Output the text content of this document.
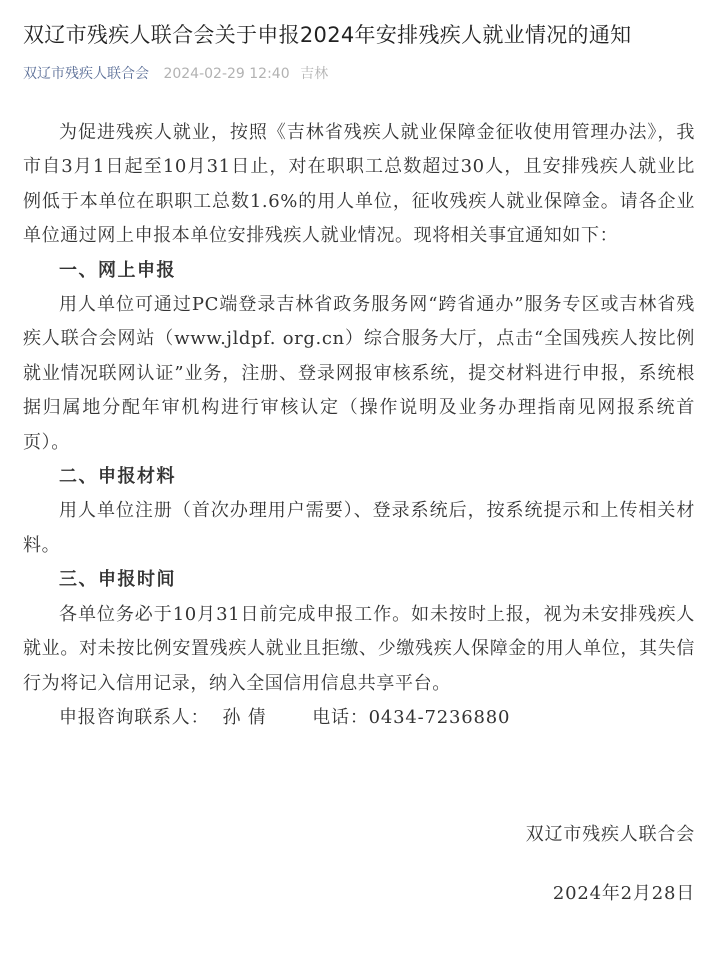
双辽市残疾人联合会关于申报2024年安排残疾人就业情况的通知
双辽市残疾人联合会 2024-02-29 12:40 吉林

为促进残疾人就业，按照《吉林省残疾人就业保障金征收使用管理办法》，我市自3月1日起至10月31日止，对在职职工总数超过30人，且安排残疾人就业比例低于本单位在职职工总数1.6%的用人单位，征收残疾人就业保障金。请各企业单位通过网上申报本单位安排残疾人就业情况。现将相关事宜通知如下：

一、网上申报

用人单位可通过PC端登录吉林省政务服务网“跨省通办”服务专区或吉林省残疾人联合会网站（www.jldpf. org.cn）综合服务大厅，点击“全国残疾人按比例就业情况联网认证”业务，注册、登录网报审核系统，提交材料进行申报，系统根据归属地分配年审机构进行审核认定（操作说明及业务办理指南见网报系统首页）。

二、申报材料

用人单位注册（首次办理用户需要）、登录系统后，按系统提示和上传相关材料。

三、申报时间

各单位务必于10月31日前完成申报工作。如未按时上报，视为未安排残疾人就业。对未按比例安置残疾人就业且拒缴、少缴残疾人保障金的用人单位，其失信行为将记入信用记录，纳入全国信用信息共享平台。

申报咨询联系人：  孙 倩       电话：0434-7236880

双辽市残疾人联合会
2024年2月28日
